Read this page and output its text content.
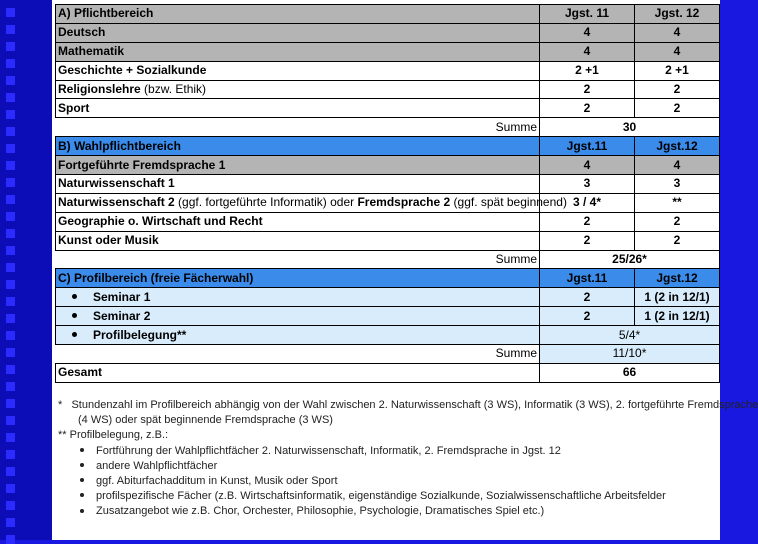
A) Pflichtbereich	Jgst. 11	Jgst. 12
Deutsch	4	4
Mathematik	4	4
Geschichte + Sozialkunde	2 +1	2 +1
Religionslehre (bzw. Ethik)	2	2
Sport	2	2
Summe	30	
B) Wahlpflichtbereich	Jgst.11	Jgst.12
Fortgeführte Fremdsprache 1	4	4
Naturwissenschaft 1	3	3
Naturwissenschaft 2 (ggf. fortgeführte Informatik) oder Fremdsprache 2 (ggf. spät beginnend)	3 / 4*	**
Geographie o. Wirtschaft und Recht	2	2
Kunst oder Musik	2	2
Summe	25/26*	
C) Profilbereich (freie Fächerwahl)	Jgst.11	Jgst.12
Seminar 1	2	1 (2 in 12/1)
Seminar 2	2	1 (2 in 12/1)
Profilbelegung**	5/4*	
Summe	11/10*	
Gesamt	66	
* Stundenzahl im Profilbereich abhängig von der Wahl zwischen 2. Naturwissenschaft (3 WS), Informatik (3 WS), 2. fortgeführte Fremdsprache
(4 WS) oder spät beginnende Fremdsprache (3 WS)
** Profilbelegung, z.B.:
Fortführung der Wahlpflichtfächer 2. Naturwissenschaft, Informatik, 2. Fremdsprache in Jgst. 12
andere Wahlpflichtfächer
ggf. Abiturfachadditum in Kunst, Musik oder Sport
profilspezifische Fächer (z.B. Wirtschaftsinformatik, eigenständige Sozialkunde, Sozialwissenschaftliche Arbeitsfelder
Zusatzangebot wie z.B. Chor, Orchester, Philosophie, Psychologie, Dramatisches Spiel etc.)
